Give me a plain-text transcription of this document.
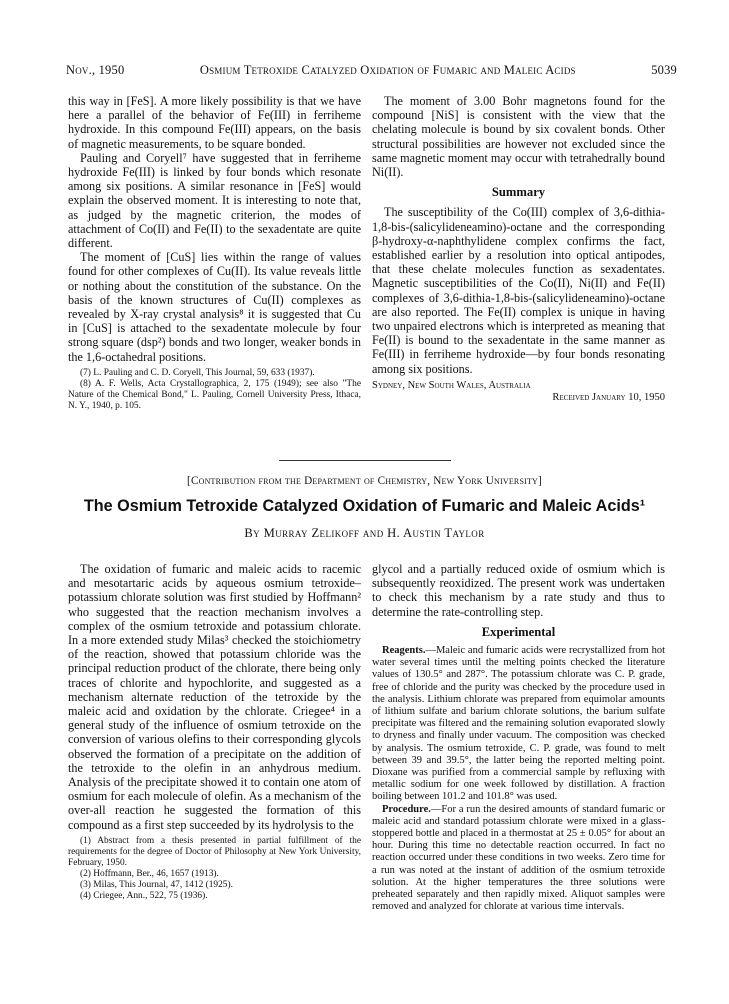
Nov., 1950	Osmium Tetroxide Catalyzed Oxidation of Fumaric and Maleic Acids	5039

this way in [FeS]. A more likely possibility is that we have here a parallel of the behavior of Fe(III) in ferriheme hydroxide. In this compound Fe(III) appears, on the basis of magnetic measurements, to be square bonded.

Pauling and Coryell⁷ have suggested that in ferriheme hydroxide Fe(III) is linked by four bonds which resonate among six positions. A similar resonance in [FeS] would explain the observed moment. It is interesting to note that, as judged by the magnetic criterion, the modes of attachment of Co(II) and Fe(II) to the sexadentate are quite different.

The moment of [CuS] lies within the range of values found for other complexes of Cu(II). Its value reveals little or nothing about the constitution of the substance. On the basis of the known structures of Cu(II) complexes as revealed by X-ray crystal analysis⁸ it is suggested that Cu in [CuS] is attached to the sexadentate molecule by four strong square (dsp²) bonds and two longer, weaker bonds in the 1,6-octahedral positions.

(7) L. Pauling and C. D. Coryell, This Journal, 59, 633 (1937).

(8) A. F. Wells, Acta Crystallographica, 2, 175 (1949); see also "The Nature of the Chemical Bond," L. Pauling, Cornell University Press, Ithaca, N. Y., 1940, p. 105.

The moment of 3.00 Bohr magnetons found for the compound [NiS] is consistent with the view that the chelating molecule is bound by six covalent bonds. Other structural possibilities are however not excluded since the same magnetic moment may occur with tetrahedrally bound Ni(II).

Summary

The susceptibility of the Co(III) complex of 3,6-dithia-1,8-bis-(salicylideneamino)-octane and the corresponding β-hydroxy-α-naphthylidene complex confirms the fact, established earlier by a resolution into optical antipodes, that these chelate molecules function as sexadentates. Magnetic susceptibilities of the Co(II), Ni(II) and Fe(II) complexes of 3,6-dithia-1,8-bis-(salicylideneamino)-octane are also reported. The Fe(II) complex is unique in having two unpaired electrons which is interpreted as meaning that Fe(II) is bound to the sexadentate in the same manner as Fe(III) in ferriheme hydroxide—by four bonds resonating among six positions.

Sydney, New South Wales, Australia
Received January 10, 1950
[Contribution from the Department of Chemistry, New York University]
The Osmium Tetroxide Catalyzed Oxidation of Fumaric and Maleic Acids¹
By Murray Zelikoff and H. Austin Taylor

The oxidation of fumaric and maleic acids to racemic and mesotartaric acids by aqueous osmium tetroxide–potassium chlorate solution was first studied by Hoffmann² who suggested that the reaction mechanism involves a complex of the osmium tetroxide and potassium chlorate. In a more extended study Milas³ checked the stoichiometry of the reaction, showed that potassium chloride was the principal reduction product of the chlorate, there being only traces of chlorite and hypochlorite, and suggested as a mechanism alternate reduction of the tetroxide by the maleic acid and oxidation by the chlorate. Criegee⁴ in a general study of the influence of osmium tetroxide on the conversion of various olefins to their corresponding glycols observed the formation of a precipitate on the addition of the tetroxide to the olefin in an anhydrous medium. Analysis of the precipitate showed it to contain one atom of osmium for each molecule of olefin. As a mechanism of the over-all reaction he suggested the formation of this compound as a first step succeeded by its hydrolysis to the

(1) Abstract from a thesis presented in partial fulfillment of the requirements for the degree of Doctor of Philosophy at New York University, February, 1950.

(2) Hoffmann, Ber., 46, 1657 (1913).

(3) Milas, This Journal, 47, 1412 (1925).

(4) Criegee, Ann., 522, 75 (1936).

glycol and a partially reduced oxide of osmium which is subsequently reoxidized. The present work was undertaken to check this mechanism by a rate study and thus to determine the rate-controlling step.

Experimental

Reagents.—Maleic and fumaric acids were recrystallized from hot water several times until the melting points checked the literature values of 130.5° and 287°. The potassium chlorate was C. P. grade, free of chloride and the purity was checked by the procedure used in the analysis. Lithium chlorate was prepared from equimolar amounts of lithium sulfate and barium chlorate solutions, the barium sulfate precipitate was filtered and the remaining solution evaporated slowly to dryness and finally under vacuum. The composition was checked by analysis. The osmium tetroxide, C. P. grade, was found to melt between 39 and 39.5°, the latter being the reported melting point. Dioxane was purified from a commercial sample by refluxing with metallic sodium for one week followed by distillation. A fraction boiling between 101.2 and 101.8° was used.

Procedure.—For a run the desired amounts of standard fumaric or maleic acid and standard potassium chlorate were mixed in a glass-stoppered bottle and placed in a thermostat at 25 ± 0.05° for about an hour. During this time no detectable reaction occurred. In fact no reaction occurred under these conditions in two weeks. Zero time for a run was noted at the instant of addition of the osmium tetroxide solution. At the higher temperatures the three solutions were preheated separately and then rapidly mixed. Aliquot samples were removed and analyzed for chlorate at various time intervals.
